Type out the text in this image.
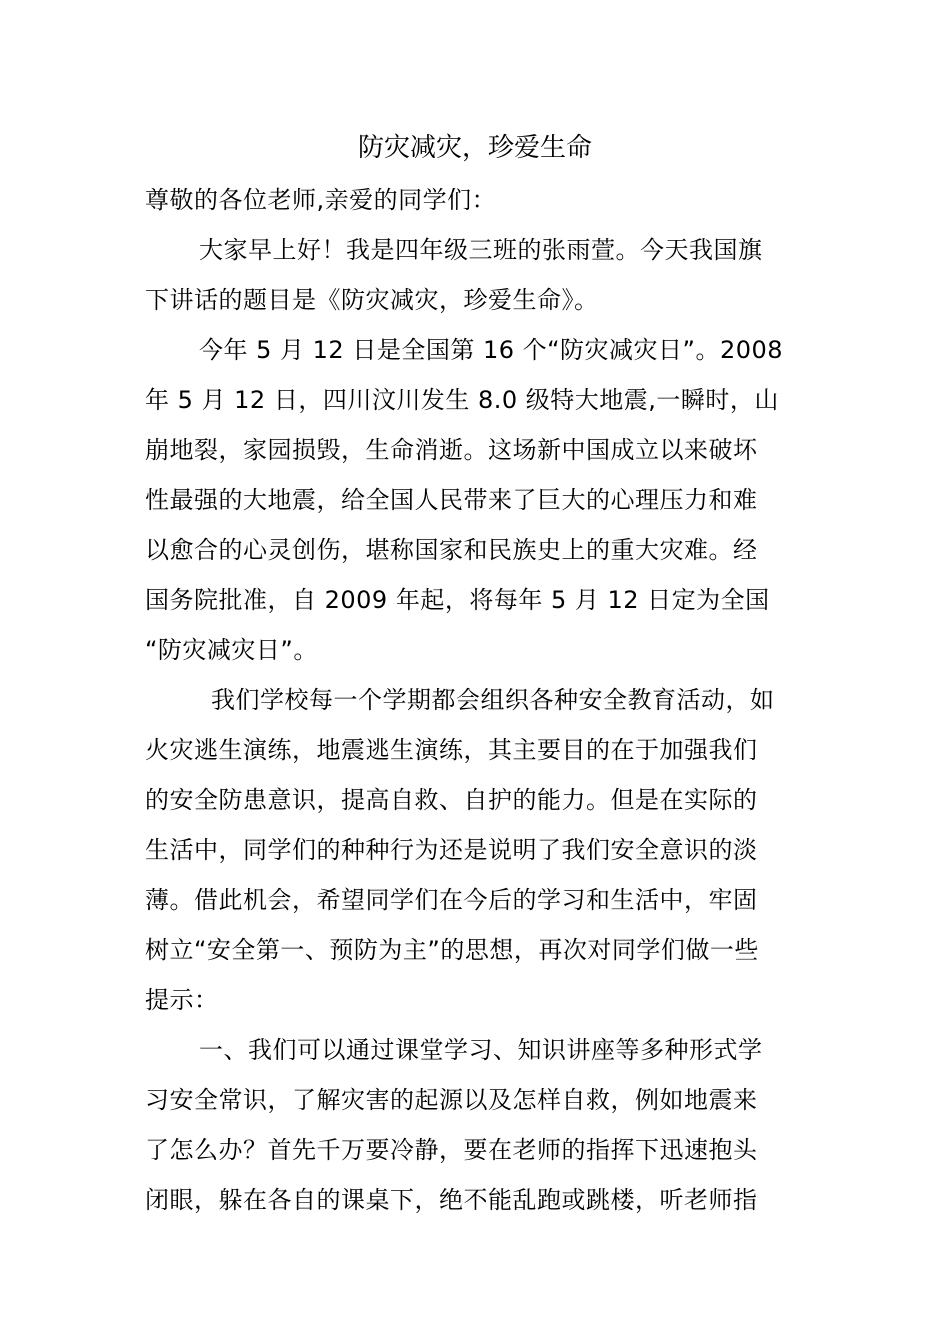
防灾减灾，珍爱生命
尊敬的各位老师,亲爱的同学们：
大家早上好！我是四年级三班的张雨萱。今天我国旗
下讲话的题目是《防灾减灾，珍爱生命》。
今年 5 月 12 日是全国第 16 个“防灾减灾日”。2008
年 5 月 12 日，四川汶川发生 8.0 级特大地震,一瞬时，山
崩地裂，家园损毁，生命消逝。这场新中国成立以来破坏
性最强的大地震，给全国人民带来了巨大的心理压力和难
以愈合的心灵创伤，堪称国家和民族史上的重大灾难。经
国务院批准，自 2009 年起，将每年 5 月 12 日定为全国
“防灾减灾日”。
我们学校每一个学期都会组织各种安全教育活动，如
火灾逃生演练，地震逃生演练，其主要目的在于加强我们
的安全防患意识，提高自救、自护的能力。但是在实际的
生活中，同学们的种种行为还是说明了我们安全意识的淡
薄。借此机会，希望同学们在今后的学习和生活中，牢固
树立“安全第一、预防为主”的思想，再次对同学们做一些
提示：
一、我们可以通过课堂学习、知识讲座等多种形式学
习安全常识，了解灾害的起源以及怎样自救，例如地震来
了怎么办？首先千万要冷静，要在老师的指挥下迅速抱头
闭眼，躲在各自的课桌下，绝不能乱跑或跳楼，听老师指
